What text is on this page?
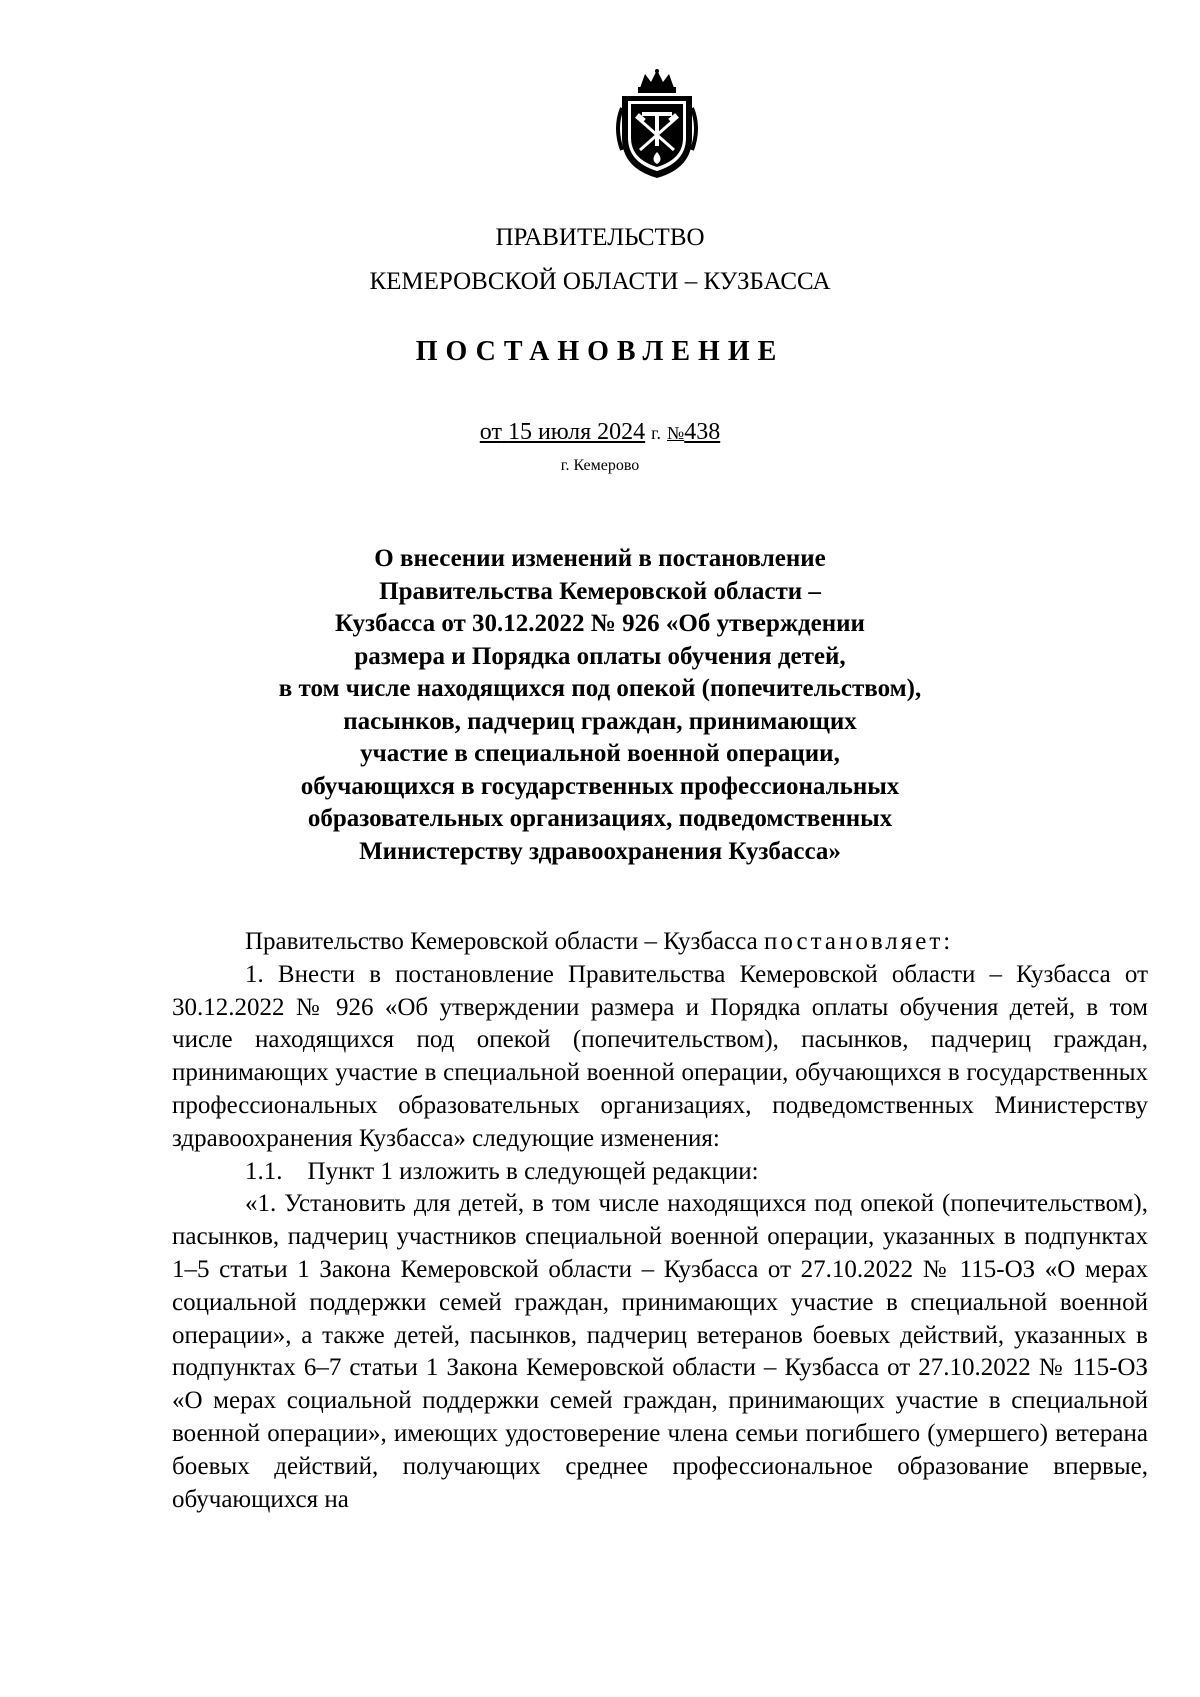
ПРАВИТЕЛЬСТВО
КЕМЕРОВСКОЙ ОБЛАСТИ – КУЗБАССА
ПОСТАНОВЛЕНИЕ
от 15 июля 2024 г. №438
г. Кемерово
О внесении изменений в постановление
Правительства Кемеровской области –
Кузбасса от 30.12.2022 № 926 «Об утверждении
размера и Порядка оплаты обучения детей,
в том числе находящихся под опекой (попечительством),
пасынков, падчериц граждан, принимающих
участие в специальной военной операции,
обучающихся в государственных профессиональных
образовательных организациях, подведомственных
Министерству здравоохранения Кузбасса»

Правительство Кемеровской области – Кузбасса постановляет:

1. Внести в постановление Правительства Кемеровской области – Кузбасса от 30.12.2022 № 926 «Об утверждении размера и Порядка оплаты обучения детей, в том числе находящихся под опекой (попечительством), пасынков, падчериц граждан, принимающих участие в специальной военной операции, обучающихся в государственных профессиональных образовательных организациях, подведомственных Министерству здравоохранения Кузбасса» следующие изменения:

1.1. Пункт 1 изложить в следующей редакции:

«1. Установить для детей, в том числе находящихся под опекой (попечительством), пасынков, падчериц участников специальной военной операции, указанных в подпунктах 1–5 статьи 1 Закона Кемеровской области – Кузбасса от 27.10.2022 № 115-ОЗ «О мерах социальной поддержки семей граждан, принимающих участие в специальной военной операции», а также детей, пасынков, падчериц ветеранов боевых действий, указанных в подпунктах 6–7 статьи 1 Закона Кемеровской области – Кузбасса от 27.10.2022 № 115-ОЗ «О мерах социальной поддержки семей граждан, принимающих участие в специальной военной операции», имеющих удостоверение члена семьи погибшего (умершего) ветерана боевых действий, получающих среднее профессиональное образование впервые, обучающихся на
